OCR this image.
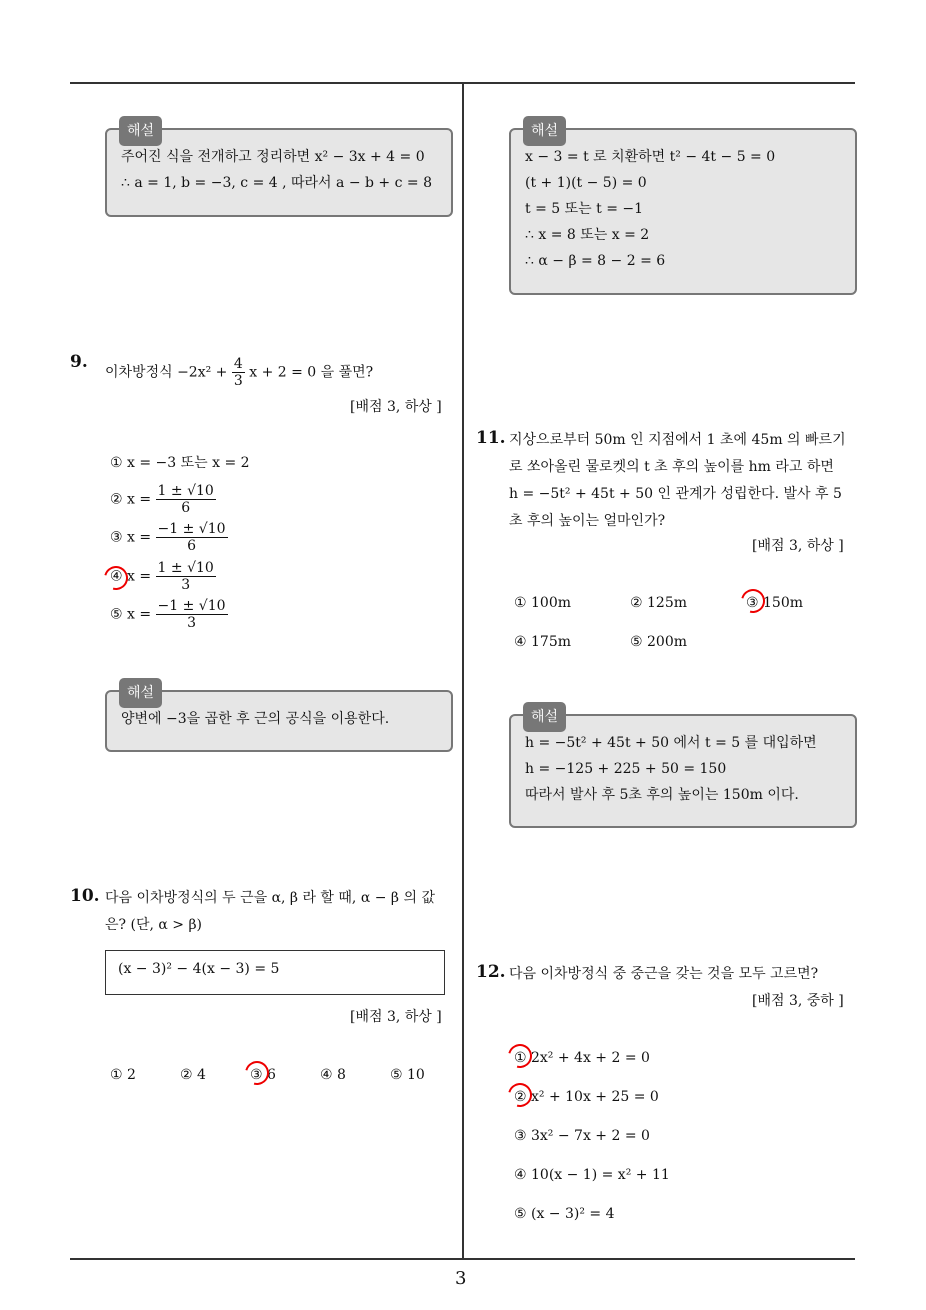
해설
주어진 식을 전개하고 정리하면 x² − 3x + 4 = 0
∴ a = 1, b = −3, c = 4 , 따라서 a − b + c = 8
해설
x − 3 = t 로 치환하면 t² − 4t − 5 = 0
(t + 1)(t − 5) = 0
t = 5 또는 t = −1
∴ x = 8 또는 x = 2
∴ α − β = 8 − 2 = 6
9.
이차방정식 $-2x^2 + \frac{4}{3}$ x + 2 = 0 을 풀면?
[배점 3, 하상 ]
① x = −3 또는 x = 2
② $x = \frac{1 \pm √10}{6}$
③ $x = \frac{-1 \pm √10}{6}$
④ $x = \frac{1 \pm √10}{3}$
⑤ $x = \frac{-1 \pm √10}{3}$
해설
양변에 −3을 곱한 후 근의 공식을 이용한다.
10. 다음 이차방정식의 두 근을 α, β 라 할 때, α − β 의 값
은? (단, α > β)
(x − 3)² − 4(x − 3) = 5
[배점 3, 하상 ]
① 2	② 4	③ 6	④ 8	⑤ 10
11. 지상으로부터 50m 인 지점에서 1 초에 45m 의 빠르기
로 쏘아올린 물로켓의 t 초 후의 높이를 hm 라고 하면
h = −5t² + 45t + 50 인 관계가 성립한다. 발사 후 5
초 후의 높이는 얼마인가?
[배점 3, 하상 ]
① 100m	② 125m	③ 150m
④ 175m	⑤ 200m
해설
h = −5t² + 45t + 50 에서 t = 5 를 대입하면
h = −125 + 225 + 50 = 150
따라서 발사 후 5초 후의 높이는 150m 이다.
12. 다음 이차방정식 중 중근을 갖는 것을 모두 고르면?
[배점 3, 중하 ]
① 2x² + 4x + 2 = 0
② x² + 10x + 25 = 0
③ 3x² − 7x + 2 = 0
④ 10(x − 1) = x² + 11
⑤ (x − 3)² = 4
3
